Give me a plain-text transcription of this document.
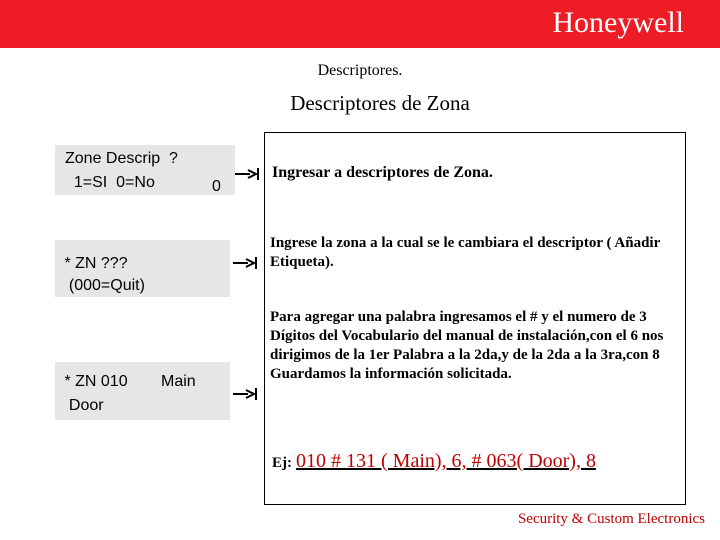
Honeywell
Descriptores.
Descriptores de Zona

Zone Descrip  ?

1=SI  0=No

	0

* ZN ???

(000=Quit)

* ZN 010

Main

Door

Ingresar a descriptores de Zona.
Ingrese la zona a la cual se le cambiara el descriptor ( Añadir Etiqueta).
Para agregar una palabra ingresamos el # y el numero de 3 Dígitos del Vocabulario del manual de instalación,con el 6 nos dirigimos de la 1er Palabra a la 2da,y de la 2da a la 3ra,con 8 Guardamos la información solicitada.
Ej: 010 # 131 ( Main), 6, # 063( Door), 8
Security & Custom Electronics
